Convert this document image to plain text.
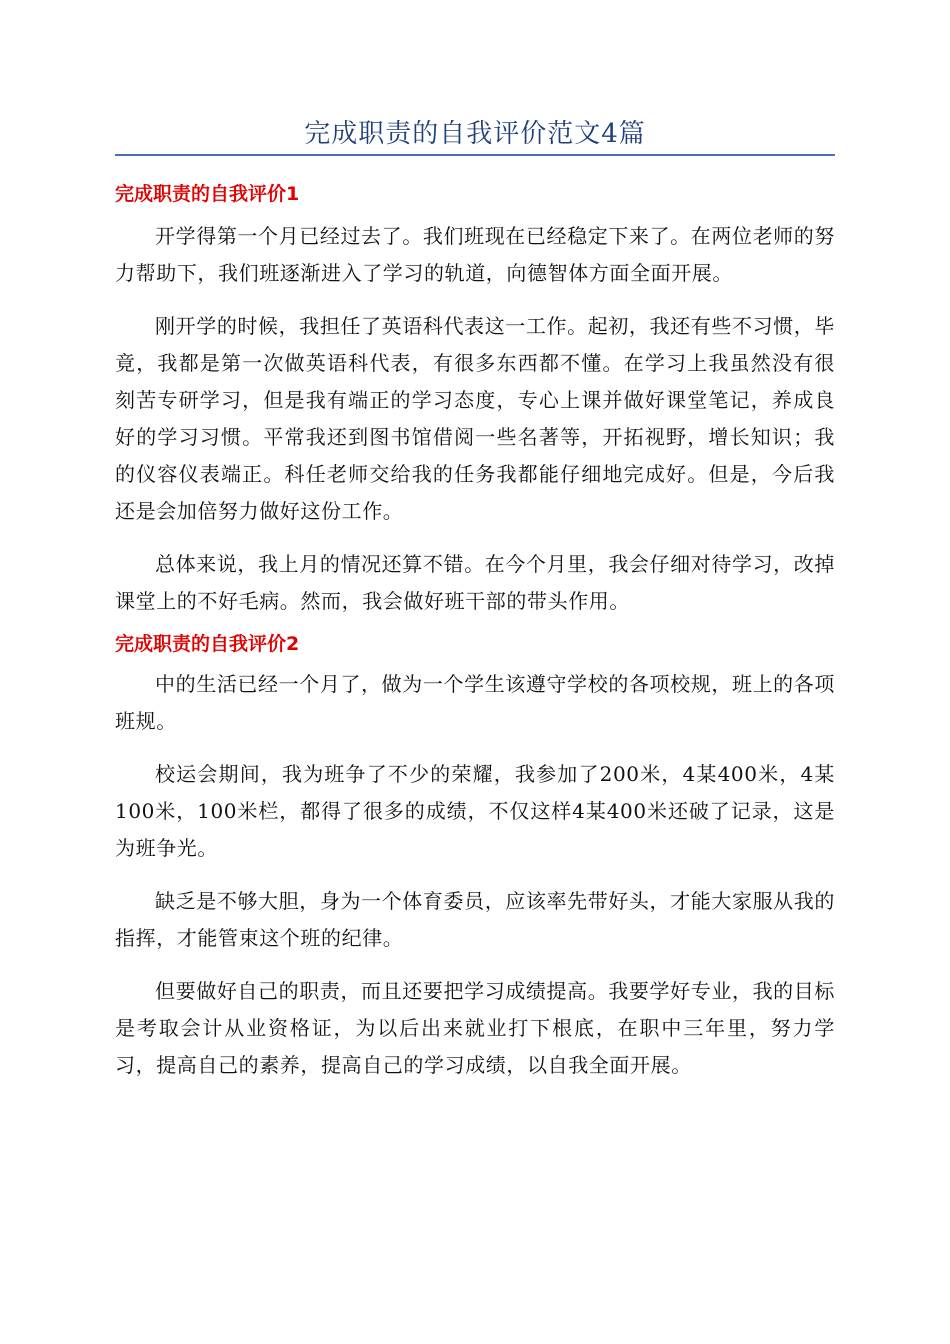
完成职责的自我评价范文4篇
完成职责的自我评价1

开学得第一个月已经过去了。我们班现在已经稳定下来了。在两位老师的努力帮助下，我们班逐渐进入了学习的轨道，向德智体方面全面开展。

刚开学的时候，我担任了英语科代表这一工作。起初，我还有些不习惯，毕竟，我都是第一次做英语科代表，有很多东西都不懂。在学习上我虽然没有很刻苦专研学习，但是我有端正的学习态度，专心上课并做好课堂笔记，养成良好的学习习惯。平常我还到图书馆借阅一些名著等，开拓视野，增长知识；我的仪容仪表端正。科任老师交给我的任务我都能仔细地完成好。但是，今后我还是会加倍努力做好这份工作。

总体来说，我上月的情况还算不错。在今个月里，我会仔细对待学习，改掉课堂上的不好毛病。然而，我会做好班干部的带头作用。

完成职责的自我评价2

中的生活已经一个月了，做为一个学生该遵守学校的各项校规，班上的各项班规。

校运会期间，我为班争了不少的荣耀，我参加了200米，4某400米，4某100米，100米栏，都得了很多的成绩，不仅这样4某400米还破了记录，这是为班争光。

缺乏是不够大胆，身为一个体育委员，应该率先带好头，才能大家服从我的指挥，才能管束这个班的纪律。

但要做好自己的职责，而且还要把学习成绩提高。我要学好专业，我的目标是考取会计从业资格证，为以后出来就业打下根底，在职中三年里，努力学习，提高自己的素养，提高自己的学习成绩，以自我全面开展。
